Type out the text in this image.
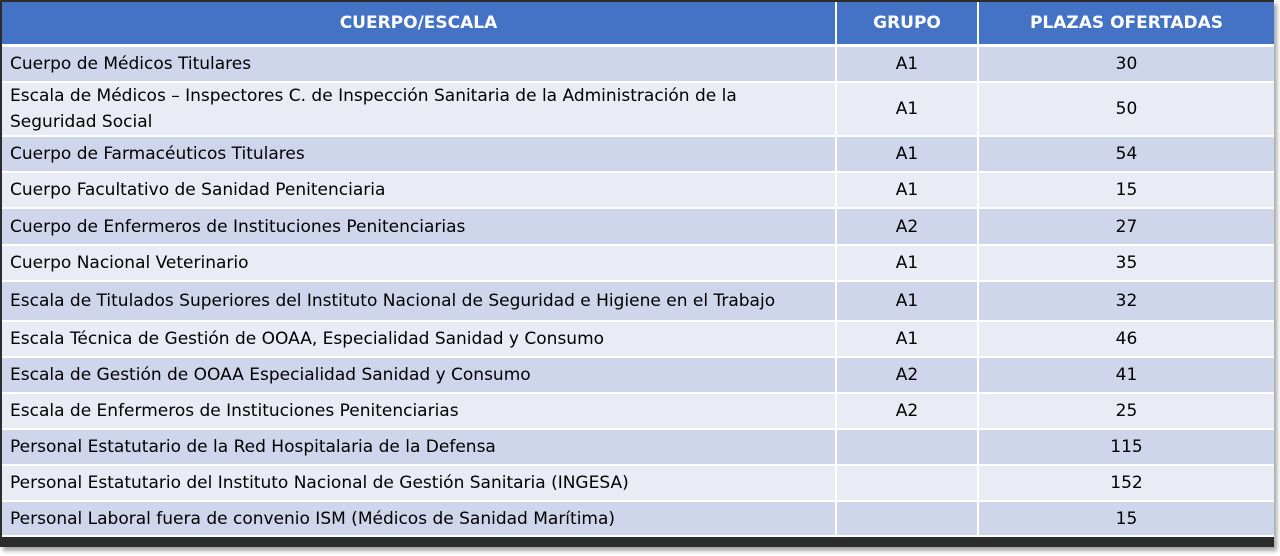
CUERPO/ESCALA	GRUPO	PLAZAS OFERTADAS
Cuerpo de Médicos Titulares	A1	30
Escala de Médicos – Inspectores C. de Inspección Sanitaria de la Administración de la Seguridad Social	A1	50
Cuerpo de Farmacéuticos Titulares	A1	54
Cuerpo Facultativo de Sanidad Penitenciaria	A1	15
Cuerpo de Enfermeros de Instituciones Penitenciarias	A2	27
Cuerpo Nacional Veterinario	A1	35
Escala de Titulados Superiores del Instituto Nacional de Seguridad e Higiene en el Trabajo	A1	32
Escala Técnica de Gestión de OOAA, Especialidad Sanidad y Consumo	A1	46
Escala de Gestión de OOAA Especialidad Sanidad y Consumo	A2	41
Escala de Enfermeros de Instituciones Penitenciarias	A2	25
Personal Estatutario de la Red Hospitalaria de la Defensa		115
Personal Estatutario del Instituto Nacional de Gestión Sanitaria (INGESA)		152
Personal Laboral fuera de convenio ISM (Médicos de Sanidad Marítima)		15
